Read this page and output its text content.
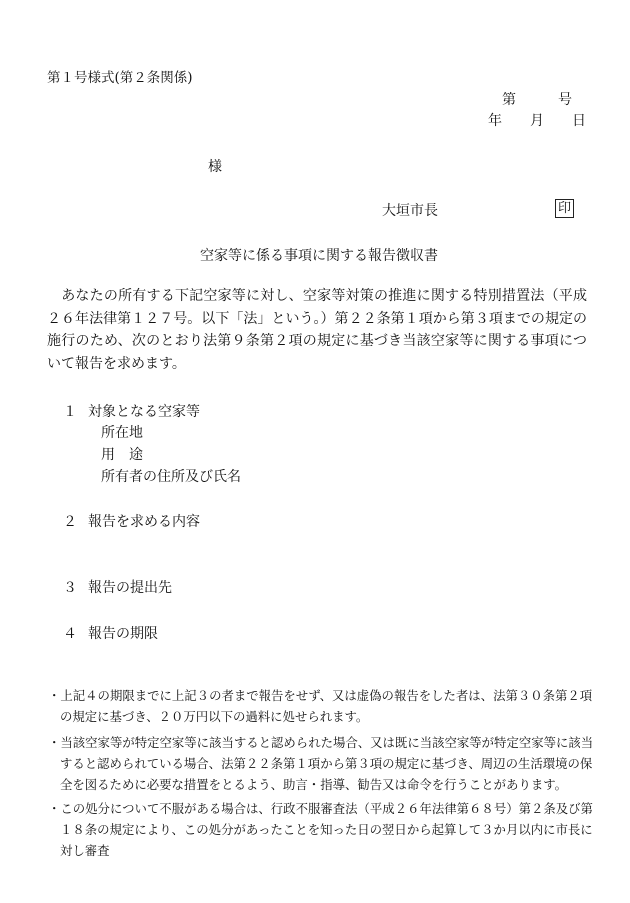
第１号様式(第２条関係)
第　　　号
年　　月　　日
様
大垣市長	印
空家等に係る事項に関する報告徴収書
　あなたの所有する下記空家等に対し、空家等対策の推進に関する特別措置法（平成２６年法律第１２７号。以下「法」という。）第２２条第１項から第３項までの規定の施行のため、次のとおり法第９条第２項の規定に基づき当該空家等に関する事項について報告を求めます。
１ 対象となる空家等
所在地
用　途
所有者の住所及び氏名
２ 報告を求める内容
３ 報告の提出先
４ 報告の期限
・上記４の期限までに上記３の者まで報告をせず、又は虚偽の報告をした者は、法第３０条第２項の規定に基づき、２０万円以下の過料に処せられます。
・当該空家等が特定空家等に該当すると認められた場合、又は既に当該空家等が特定空家等に該当すると認められている場合、法第２２条第１項から第３項の規定に基づき、周辺の生活環境の保全を図るために必要な措置をとるよう、助言・指導、勧告又は命令を行うことがあります。
・この処分について不服がある場合は、行政不服審査法（平成２６年法律第６８号）第２条及び第１８条の規定により、この処分があったことを知った日の翌日から起算して３か月以内に市長に対し審査
